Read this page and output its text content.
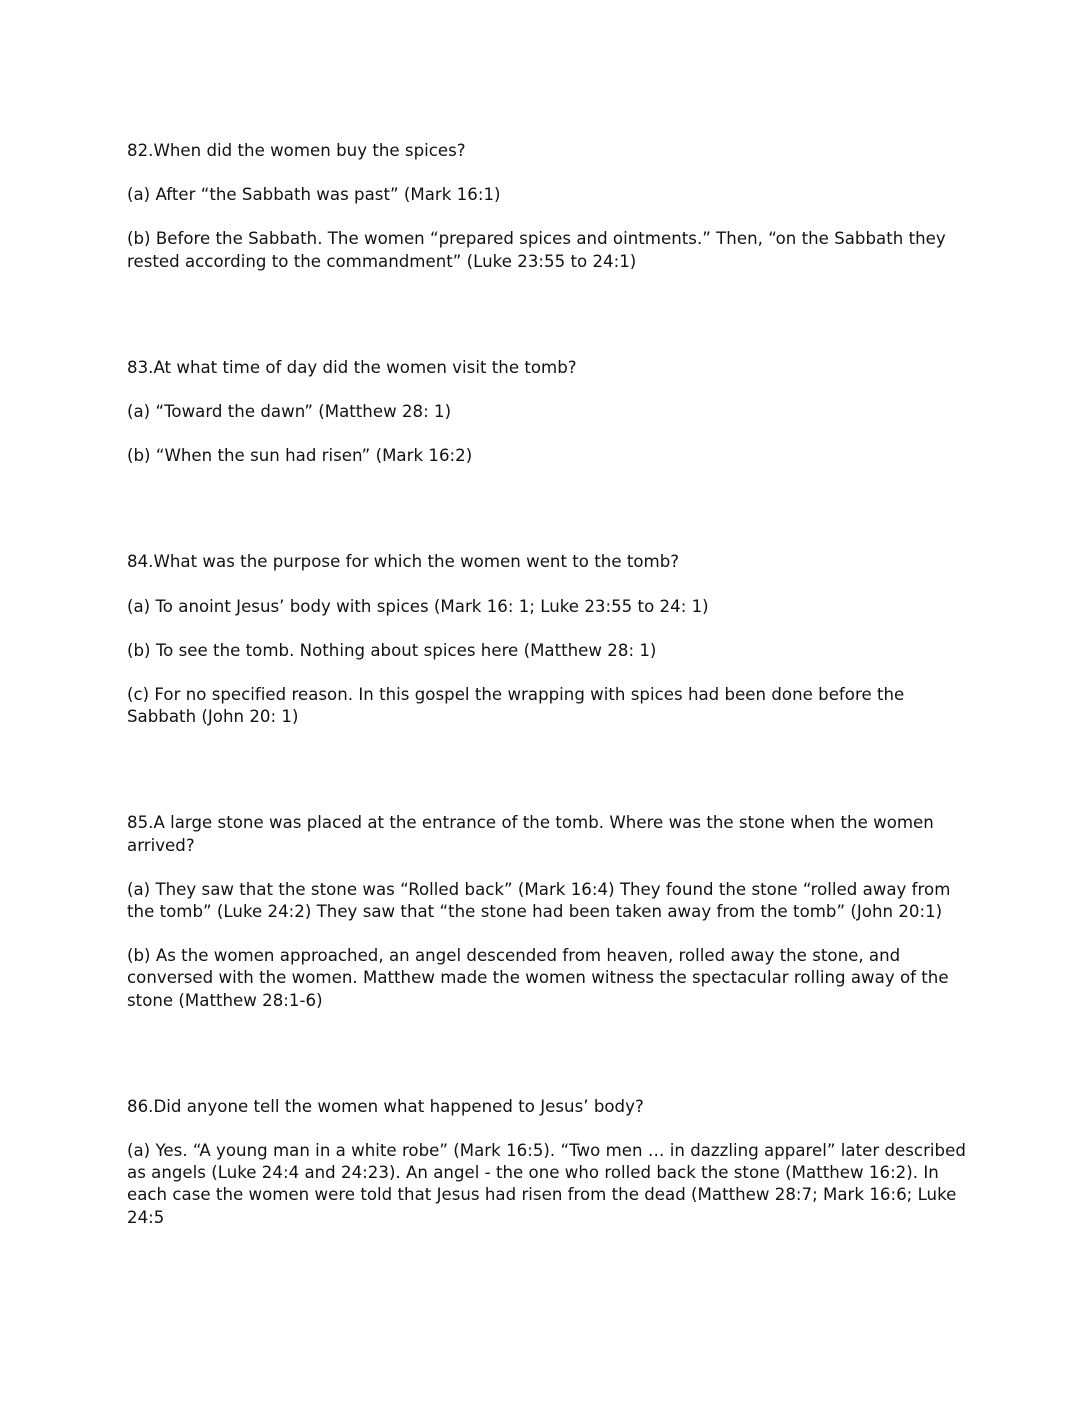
82.When did the women buy the spices?

(a) After “the Sabbath was past” (Mark 16:1)

(b) Before the Sabbath. The women “prepared spices and ointments.” Then, “on the Sabbath they rested according to the commandment” (Luke 23:55 to 24:1)

83.At what time of day did the women visit the tomb?

(a) “Toward the dawn” (Matthew 28: 1)

(b) “When the sun had risen” (Mark 16:2)

84.What was the purpose for which the women went to the tomb?

(a) To anoint Jesus’ body with spices (Mark 16: 1; Luke 23:55 to 24: 1)

(b) To see the tomb. Nothing about spices here (Matthew 28: 1)

(c) For no specified reason. In this gospel the wrapping with spices had been done before the Sabbath (John 20: 1)

85.A large stone was placed at the entrance of the tomb. Where was the stone when the women arrived?

(a) They saw that the stone was “Rolled back” (Mark 16:4) They found the stone “rolled away from the tomb” (Luke 24:2) They saw that “the stone had been taken away from the tomb” (John 20:1)

(b) As the women approached, an angel descended from heaven, rolled away the stone, and conversed with the women. Matthew made the women witness the spectacular rolling away of the stone (Matthew 28:1-6)

86.Did anyone tell the women what happened to Jesus’ body?

(a) Yes. “A young man in a white robe” (Mark 16:5). “Two men … in dazzling apparel” later described as angels (Luke 24:4 and 24:23). An angel - the one who rolled back the stone (Matthew 16:2). In each case the women were told that Jesus had risen from the dead (Matthew 28:7; Mark 16:6; Luke 24:5
